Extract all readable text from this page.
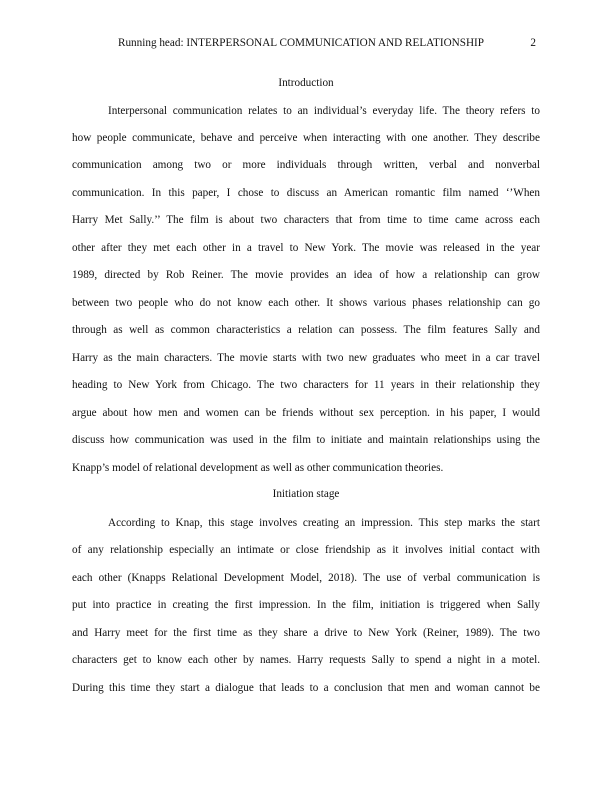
Running head: INTERPERSONAL COMMUNICATION AND RELATIONSHIP	2
Introduction
Interpersonal communication relates to an individual’s everyday life. The theory refers to
how people communicate, behave and perceive when interacting with one another. They describe
communication among two or more individuals through written, verbal and nonverbal
communication. In this paper, I chose to discuss an American romantic film named ‘’When
Harry Met Sally.’’ The film is about two characters that from time to time came across each
other after they met each other in a travel to New York. The movie was released in the year
1989, directed by Rob Reiner. The movie provides an idea of how a relationship can grow
between two people who do not know each other. It shows various phases relationship can go
through as well as common characteristics a relation can possess. The film features Sally and
Harry as the main characters. The movie starts with two new graduates who meet in a car travel
heading to New York from Chicago. The two characters for 11 years in their relationship they
argue about how men and women can be friends without sex perception. in his paper, I would
discuss how communication was used in the film to initiate and maintain relationships using the
Knapp’s model of relational development as well as other communication theories.
Initiation stage
According to Knap, this stage involves creating an impression. This step marks the start
of any relationship especially an intimate or close friendship as it involves initial contact with
each other (Knapps Relational Development Model, 2018). The use of verbal communication is
put into practice in creating the first impression. In the film, initiation is triggered when Sally
and Harry meet for the first time as they share a drive to New York (Reiner, 1989). The two
characters get to know each other by names. Harry requests Sally to spend a night in a motel.
During this time they start a dialogue that leads to a conclusion that men and woman cannot be
